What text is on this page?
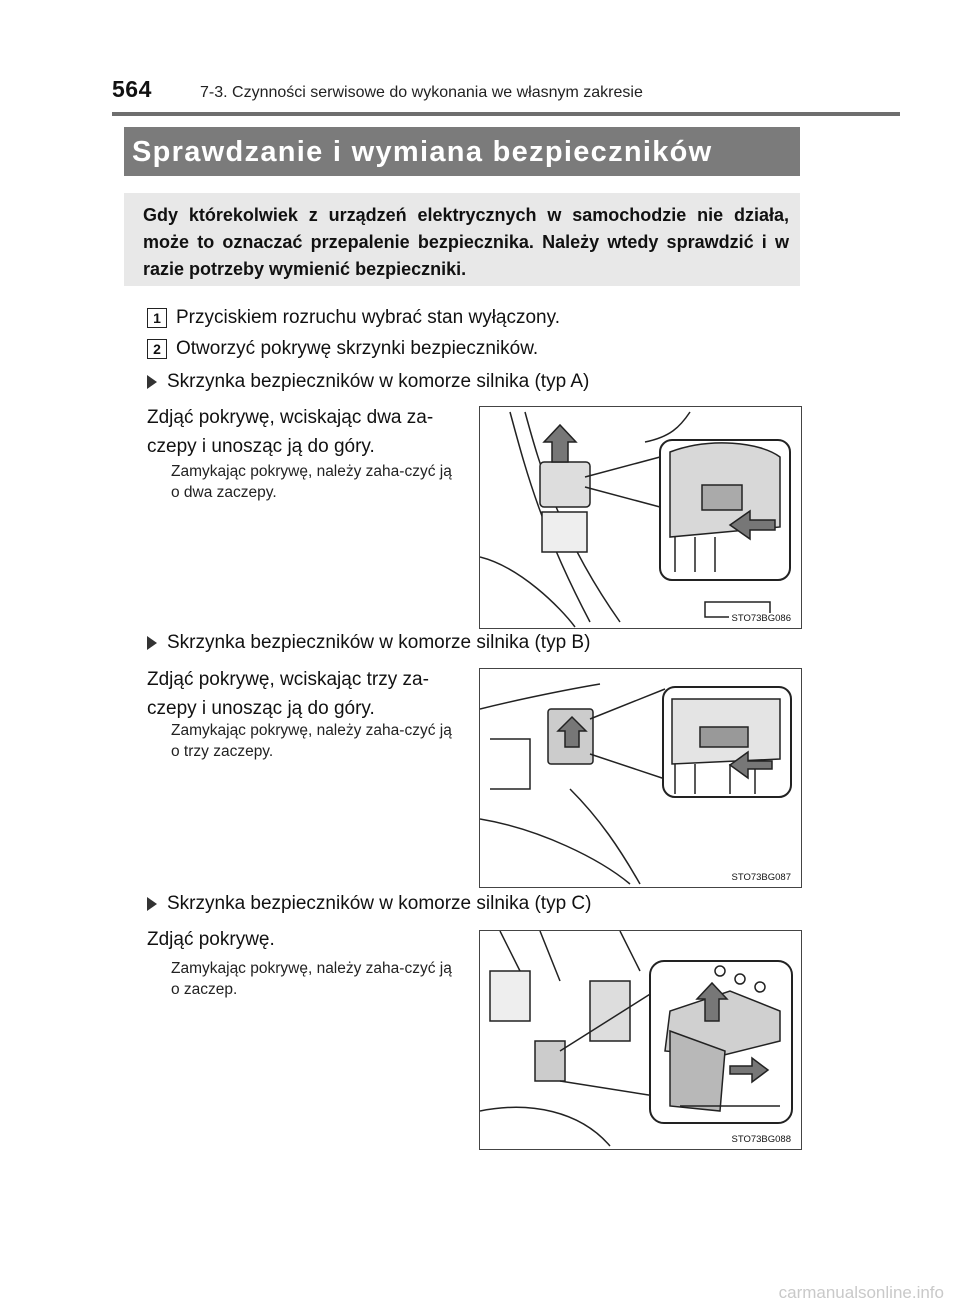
564	7-3. Czynności serwisowe do wykonania we własnym zakresie
Sprawdzanie i wymiana bezpieczników
Gdy którekolwiek z urządzeń elektrycznych w samochodzie nie działa, może to oznaczać przepalenie bezpiecznika. Należy wtedy sprawdzić i w razie potrzeby wymienić bezpieczniki.
1 Przyciskiem rozruchu wybrać stan wyłączony.
2 Otworzyć pokrywę skrzynki bezpieczników.
Skrzynka bezpieczników w komorze silnika (typ A)
Zdjąć pokrywę, wciskając dwa za-czepy i unosząc ją do góry.
Zamykając pokrywę, należy zaha-czyć ją o dwa zaczepy.
STO73BG086
Skrzynka bezpieczników w komorze silnika (typ B)
Zdjąć pokrywę, wciskając trzy za-czepy i unosząc ją do góry.
Zamykając pokrywę, należy zaha-czyć ją o trzy zaczepy.
STO73BG087
Skrzynka bezpieczników w komorze silnika (typ C)
Zdjąć pokrywę.
Zamykając pokrywę, należy zaha-czyć ją o zaczep.
STO73BG088
carmanualsonline.info
